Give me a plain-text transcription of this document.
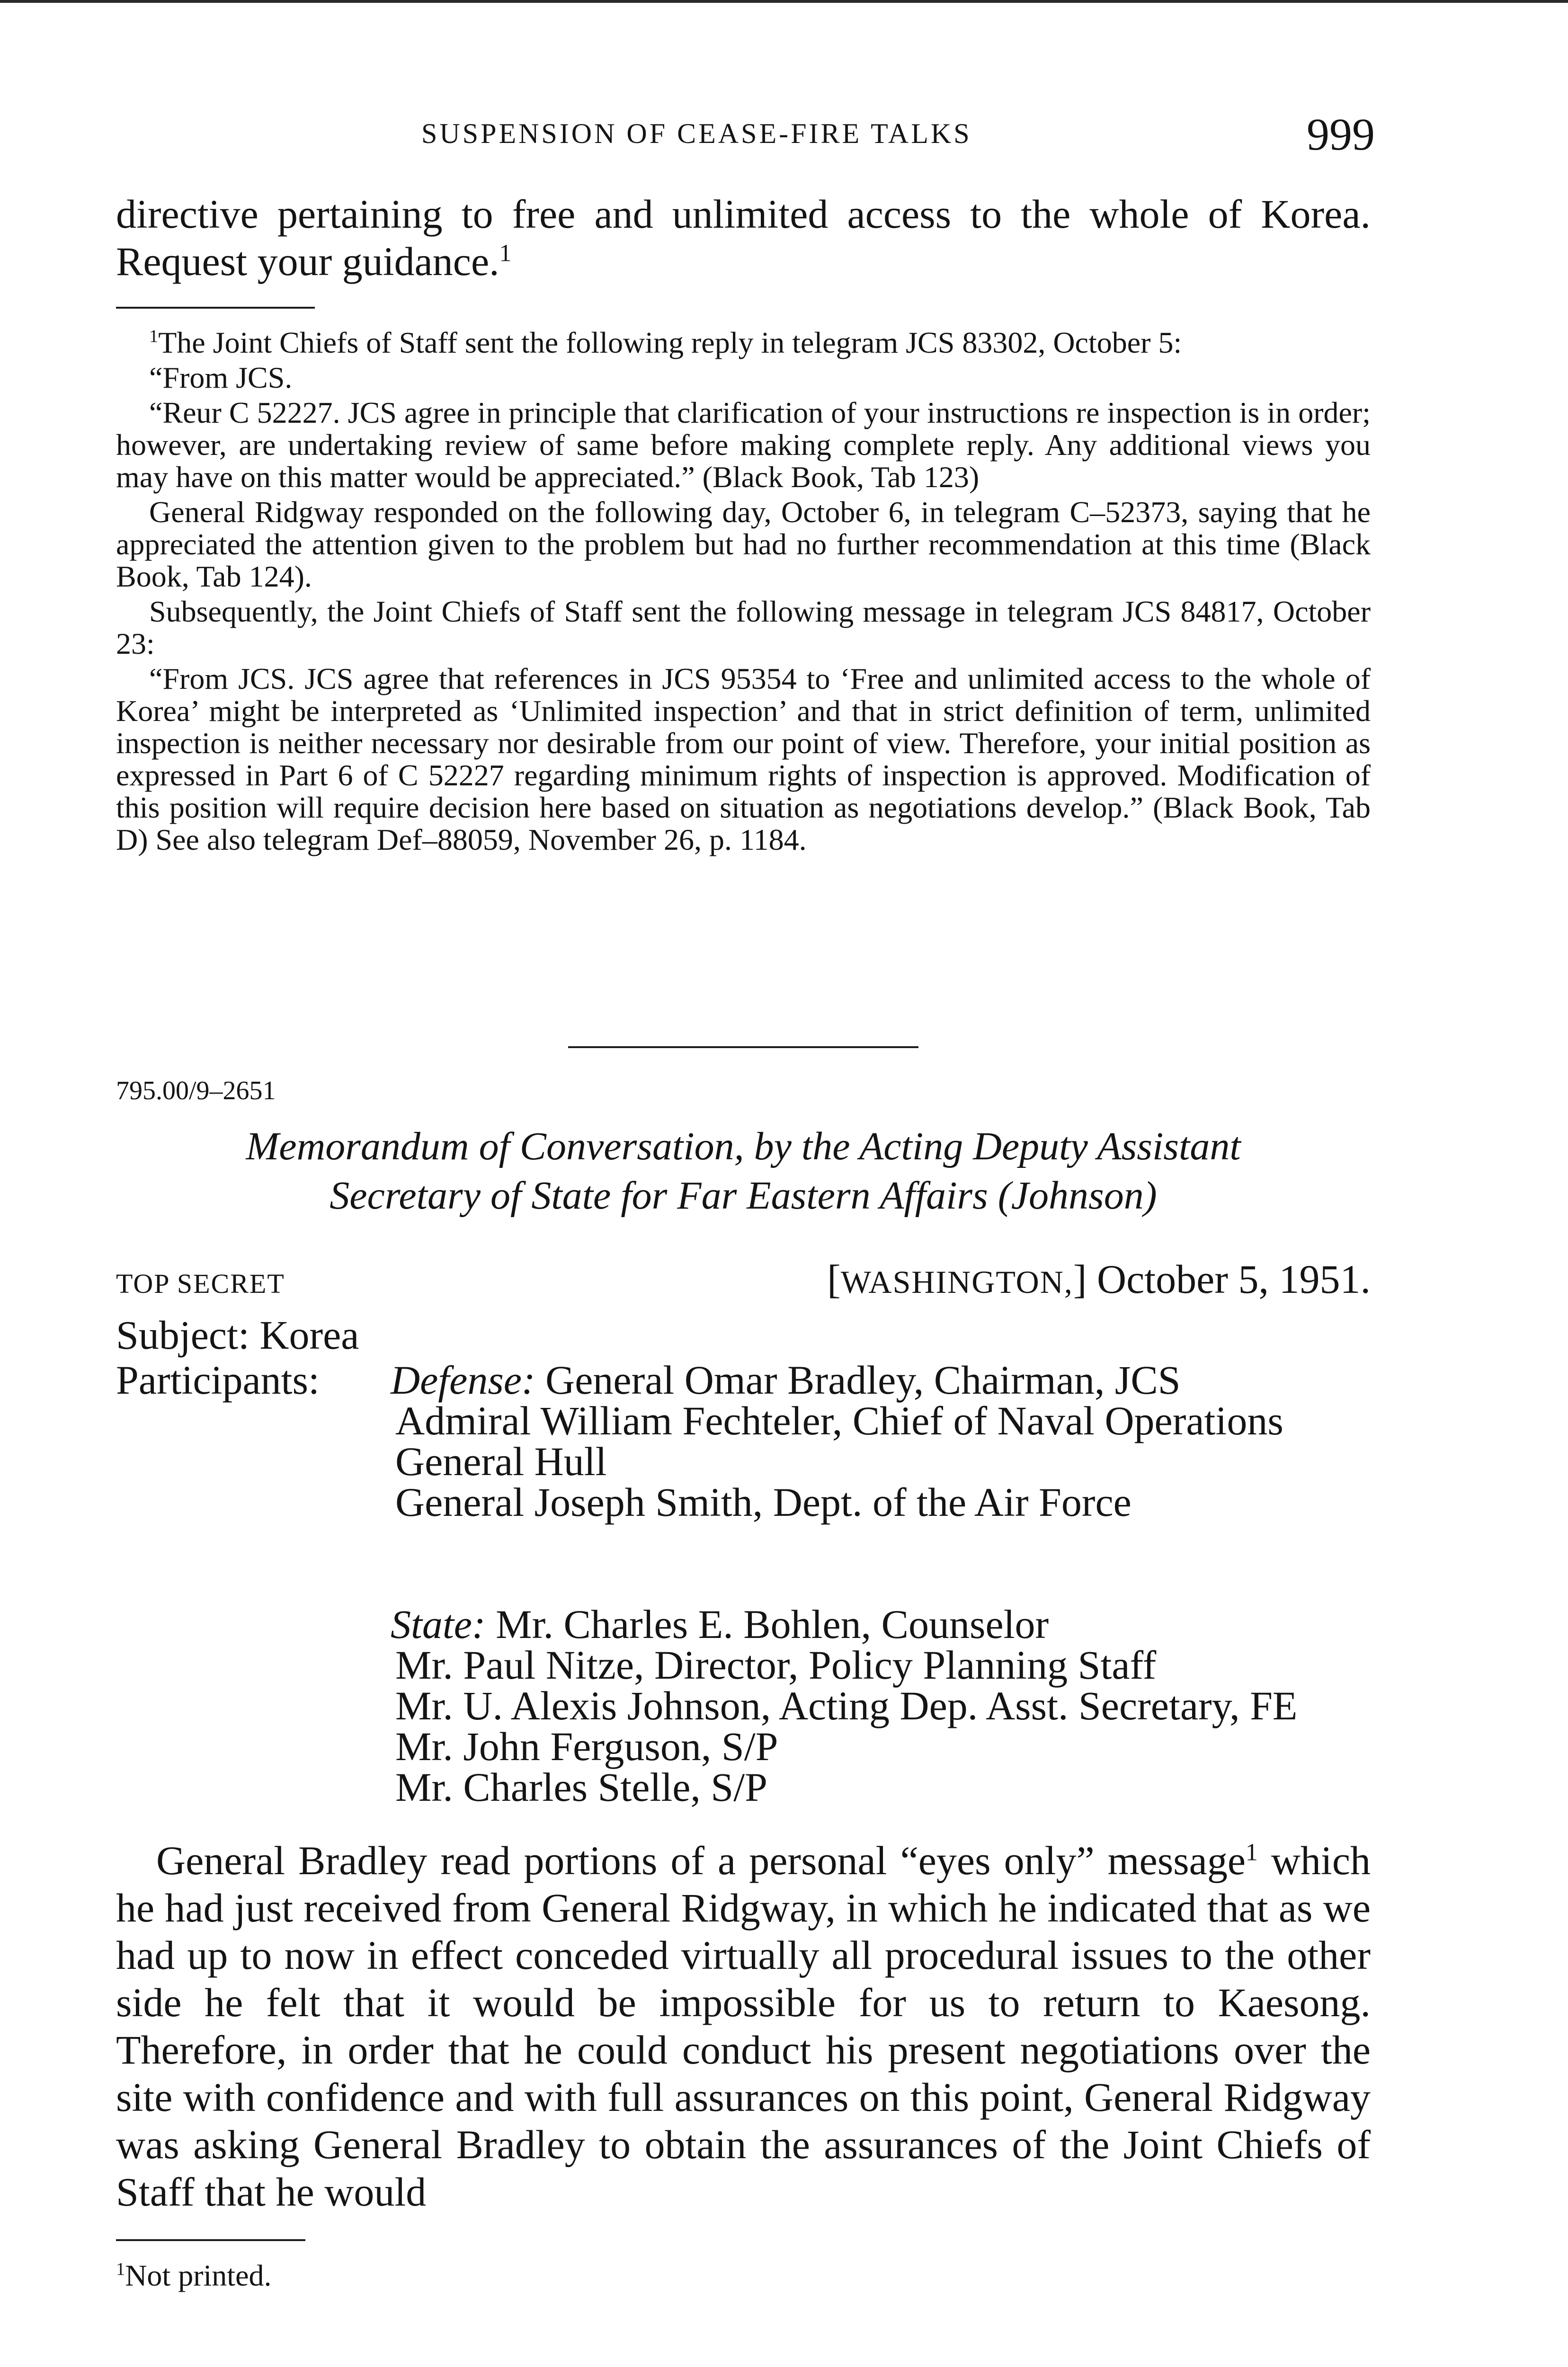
SUSPENSION OF CEASE-FIRE TALKS	999

directive pertaining to free and unlimited access to the whole of Korea. Request your guidance.$^1$

$^1$The Joint Chiefs of Staff sent the following reply in telegram JCS 83302, October 5:

“From JCS.

“Reur C 52227. JCS agree in principle that clarification of your instructions re inspection is in order; however, are undertaking review of same before making complete reply. Any additional views you may have on this matter would be appreciated.” (Black Book, Tab 123)

General Ridgway responded on the following day, October 6, in telegram C–52373, saying that he appreciated the attention given to the problem but had no further recommendation at this time (Black Book, Tab 124).

Subsequently, the Joint Chiefs of Staff sent the following message in telegram JCS 84817, October 23:

“From JCS. JCS agree that references in JCS 95354 to ‘Free and unlimited access to the whole of Korea’ might be interpreted as ‘Unlimited inspection’ and that in strict definition of term, unlimited inspection is neither necessary nor desirable from our point of view. Therefore, your initial position as expressed in Part 6 of C 52227 regarding minimum rights of inspection is approved. Modification of this position will require decision here based on situation as negotiations develop.” (Black Book, Tab D) See also telegram Def–88059, November 26, p. 1184.

795.00/9–2651
Memorandum of Conversation, by the Acting Deputy Assistant
Secretary of State for Far Eastern Affairs (Johnson)
TOP SECRET	[WASHINGTON,] October 5, 1951.
Subject: Korea
Participants: Defense: General Omar Bradley, Chairman, JCS
Admiral William Fechteler, Chief of Naval Operations
General Hull
General Joseph Smith, Dept. of the Air Force
State: Mr. Charles E. Bohlen, Counselor
Mr. Paul Nitze, Director, Policy Planning Staff
Mr. U. Alexis Johnson, Acting Dep. Asst. Secretary, FE
Mr. John Ferguson, S/P
Mr. Charles Stelle, S/P

General Bradley read portions of a personal “eyes only” message$^1$ which he had just received from General Ridgway, in which he indicated that as we had up to now in effect conceded virtually all procedural issues to the other side he felt that it would be impossible for us to return to Kaesong. Therefore, in order that he could conduct his present negotiations over the site with confidence and with full assurances on this point, General Ridgway was asking General Bradley to obtain the assurances of the Joint Chiefs of Staff that he would

$^1$Not printed.
